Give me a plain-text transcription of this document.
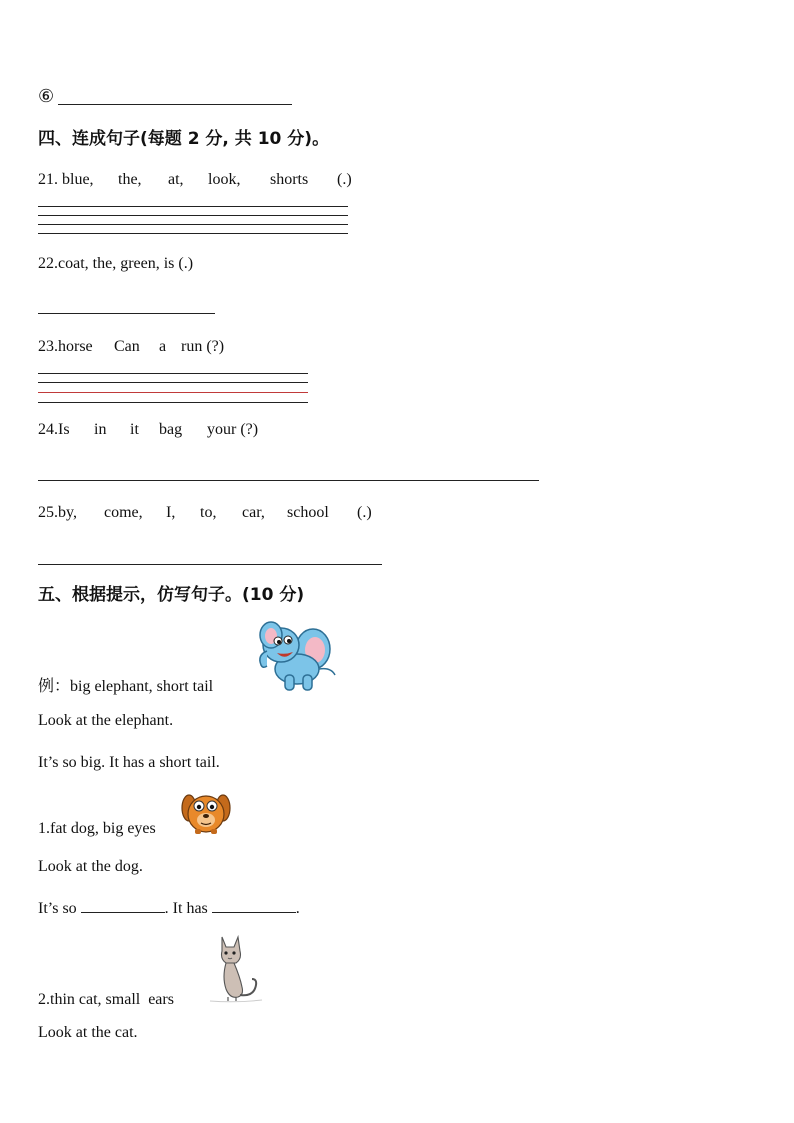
⑥
四、连成句子(每题 2 分, 共 10 分)。
21. blue, the, at, look, shorts (.)
22.coat, the, green, is (.)
23.horse Can a run (?)
24.Is in it bag your (?)
25.by, come, I, to, car, school (.)
五、根据提示，仿写句子。(10 分)
例：big elephant, short tail
Look at the elephant.
It’s so big. It has a short tail.
1.fat dog, big eyes
Look at the dog.
It’s so	. It has	.
2.thin cat, small  ears
Look at the cat.
